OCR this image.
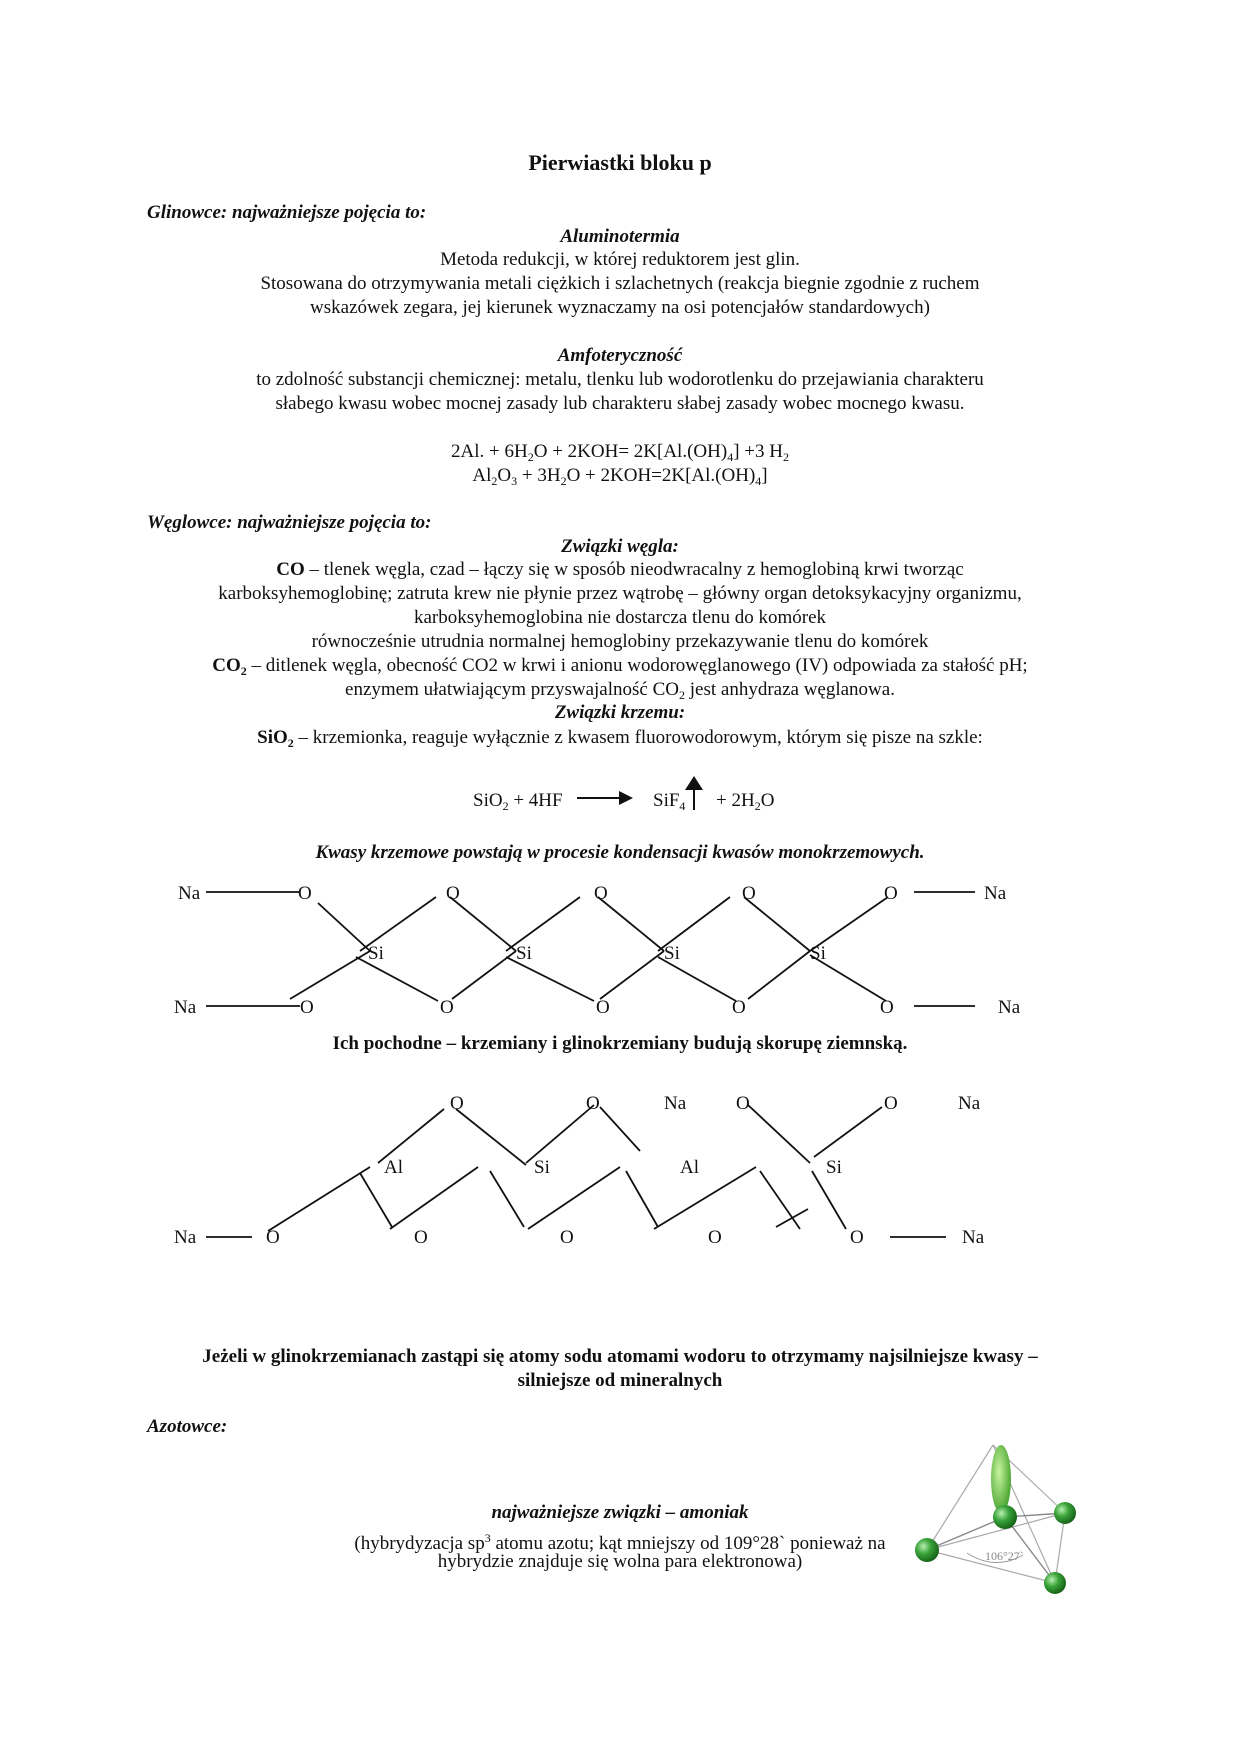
Pierwiastki bloku p
Glinowce: najważniejsze pojęcia to:
Aluminotermia
Metoda redukcji, w której reduktorem jest glin.
Stosowana do otrzymywania metali ciężkich i szlachetnych (reakcja biegnie zgodnie z ruchem
wskazówek zegara, jej kierunek wyznaczamy na osi potencjałów standardowych)
Amfoteryczność
to zdolność substancji chemicznej: metalu, tlenku lub wodorotlenku do przejawiania charakteru
słabego kwasu wobec mocnej zasady lub charakteru słabej zasady wobec mocnego kwasu.
2Al. + $6H_2O + 2KOH= 2K[Al.(OH)_4] +3$ $H_2$
$Al_2O_3 + 3H_2O + 2KOH=2K[Al.(OH)_4]$
Węglowce: najważniejsze pojęcia to:
Związki węgla:
CO – tlenek węgla, czad – łączy się w sposób nieodwracalny z hemoglobiną krwi tworząc
karboksyhemoglobinę; zatruta krew nie płynie przez wątrobę – główny organ detoksykacyjny organizmu,
karboksyhemoglobina nie dostarcza tlenu do komórek
równocześnie utrudnia normalnej hemoglobiny przekazywanie tlenu do komórek
$CO_2$ – ditlenek węgla, obecność CO2 w krwi i anionu wodorowęglanowego (IV) odpowiada za stałość pH;
enzymem ułatwiającym przyswajalność $CO_2$ jest anhydraza węglanowa.
Związki krzemu:
SiO$_2$ – krzemionka, reaguje wyłącznie z kwasem fluorowodorowym, którym się pisze na szkle:
$SiO_2 + 4HF \to SiF_4 + 2H_2O$
Kwasy krzemowe powstają w procesie kondensacji kwasów monokrzemowych.
Na	O	O	O	O	O	Na
Si	Si	Si	Si
Na	O	O	O	O	O	Na
Ich pochodne – krzemiany i glinokrzemiany budują skorupę ziemnską.
O	O	Na	O	O	Na
Al	Si	Al	Si
Na	O	O	O	O	O	Na
Jeżeli w glinokrzemianach zastąpi się atomy sodu atomami wodoru to otrzymamy najsilniejsze kwasy –
silniejsze od mineralnych
Azotowce:
najważniejsze związki – amoniak
(hybrydyzacja $sp^3$ atomu azotu; kąt mniejszy od 109°28` ponieważ na
hybrydzie znajduje się wolna para elektronowa)	106°27`
